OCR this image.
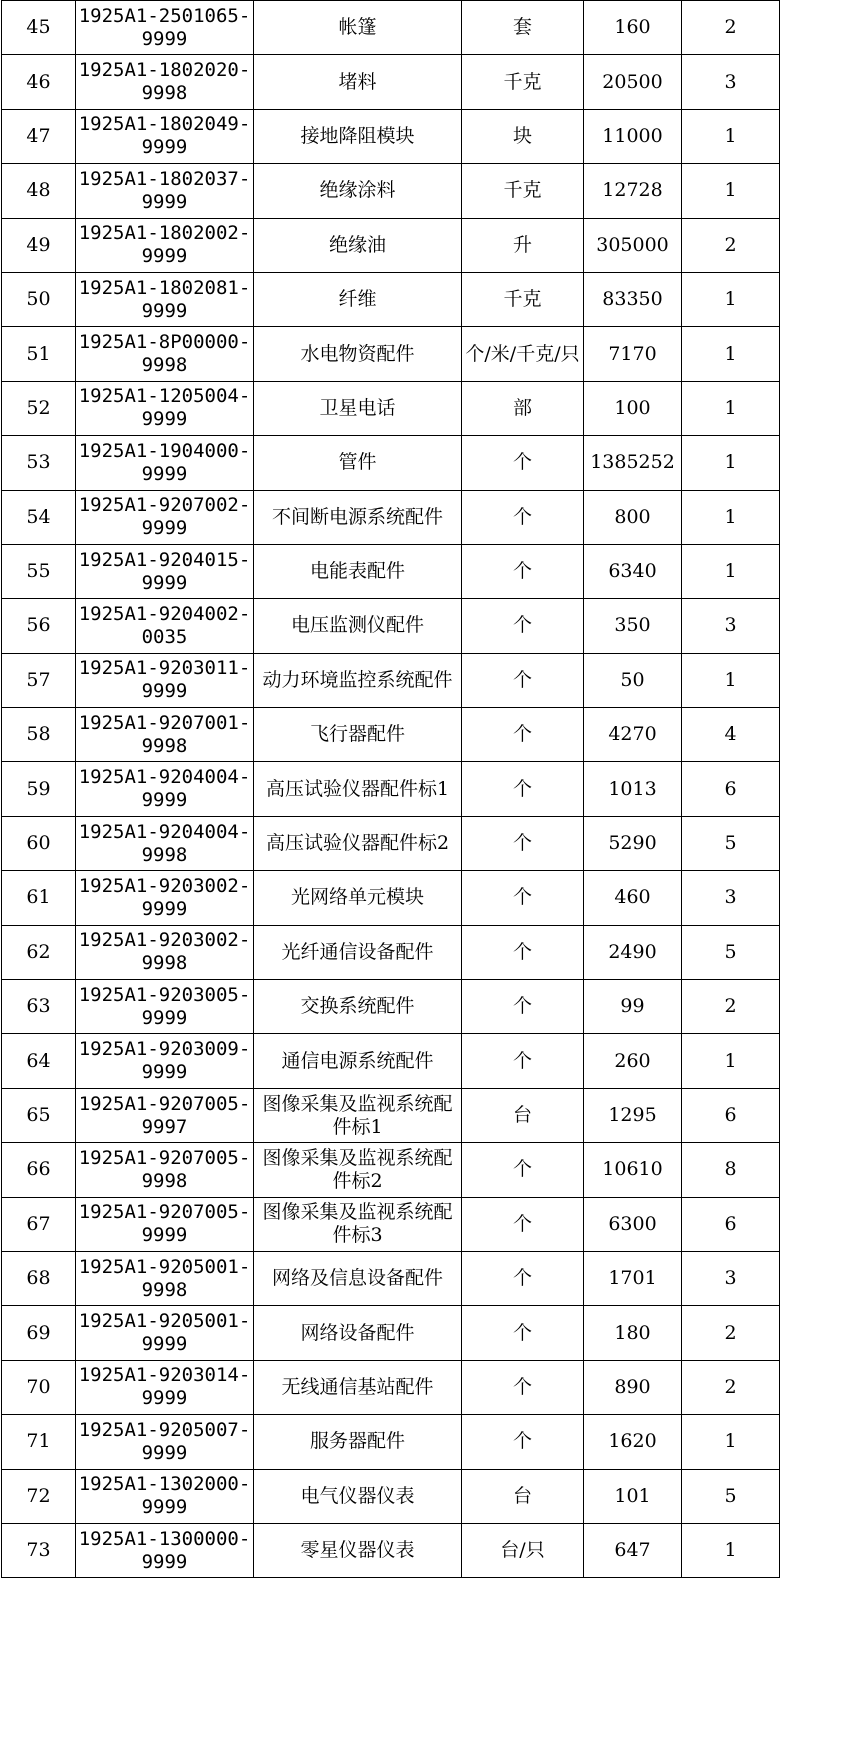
45	1925A1-2501065-9999	帐篷	套	160	2
46	1925A1-1802020-9998	堵料	千克	20500	3
47	1925A1-1802049-9999	接地降阻模块	块	11000	1
48	1925A1-1802037-9999	绝缘涂料	千克	12728	1
49	1925A1-1802002-9999	绝缘油	升	305000	2
50	1925A1-1802081-9999	纤维	千克	83350	1
51	1925A1-8P00000-9998	水电物资配件	个/米/千克/只	7170	1
52	1925A1-1205004-9999	卫星电话	部	100	1
53	1925A1-1904000-9999	管件	个	1385252	1
54	1925A1-9207002-9999	不间断电源系统配件	个	800	1
55	1925A1-9204015-9999	电能表配件	个	6340	1
56	1925A1-9204002-0035	电压监测仪配件	个	350	3
57	1925A1-9203011-9999	动力环境监控系统配件	个	50	1
58	1925A1-9207001-9998	飞行器配件	个	4270	4
59	1925A1-9204004-9999	高压试验仪器配件标1	个	1013	6
60	1925A1-9204004-9998	高压试验仪器配件标2	个	5290	5
61	1925A1-9203002-9999	光网络单元模块	个	460	3
62	1925A1-9203002-9998	光纤通信设备配件	个	2490	5
63	1925A1-9203005-9999	交换系统配件	个	99	2
64	1925A1-9203009-9999	通信电源系统配件	个	260	1
65	1925A1-9207005-9997	图像采集及监视系统配件标1	台	1295	6
66	1925A1-9207005-9998	图像采集及监视系统配件标2	个	10610	8
67	1925A1-9207005-9999	图像采集及监视系统配件标3	个	6300	6
68	1925A1-9205001-9998	网络及信息设备配件	个	1701	3
69	1925A1-9205001-9999	网络设备配件	个	180	2
70	1925A1-9203014-9999	无线通信基站配件	个	890	2
71	1925A1-9205007-9999	服务器配件	个	1620	1
72	1925A1-1302000-9999	电气仪器仪表	台	101	5
73	1925A1-1300000-9999	零星仪器仪表	台/只	647	1
